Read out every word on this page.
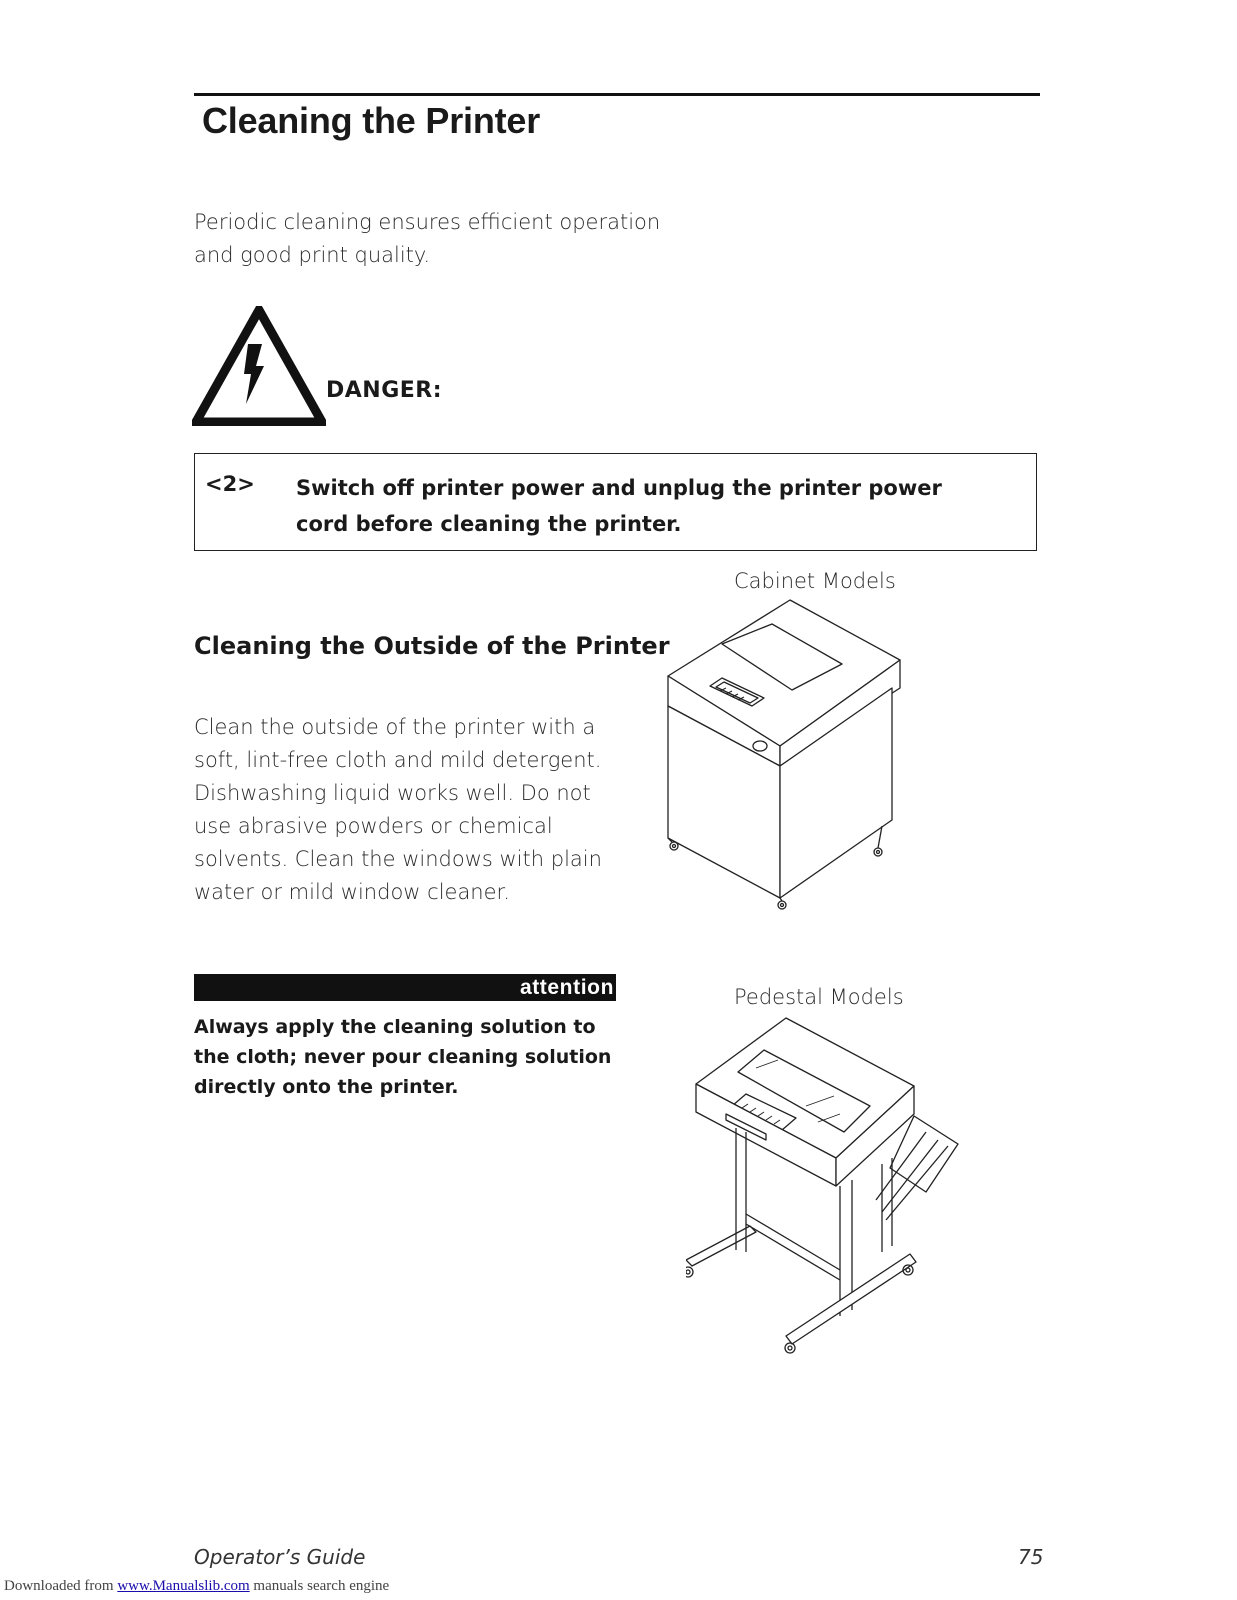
Cleaning the Printer
Periodic cleaning ensures efficient operation and good print quality.
DANGER:
<2> Switch off printer power and unplug the printer power cord before cleaning the printer.
Cleaning the Outside of the Printer
Clean the outside of the printer with a soft, lint-free cloth and mild detergent. Dishwashing liquid works well. Do not use abrasive powders or chemical solvents. Clean the windows with plain water or mild window cleaner.
attention
Always apply the cleaning solution to the cloth; never pour cleaning solution directly onto the printer.
Cabinet Models
Pedestal Models
Operator’s Guide	75
Downloaded from www.Manualslib.com manuals search engine
